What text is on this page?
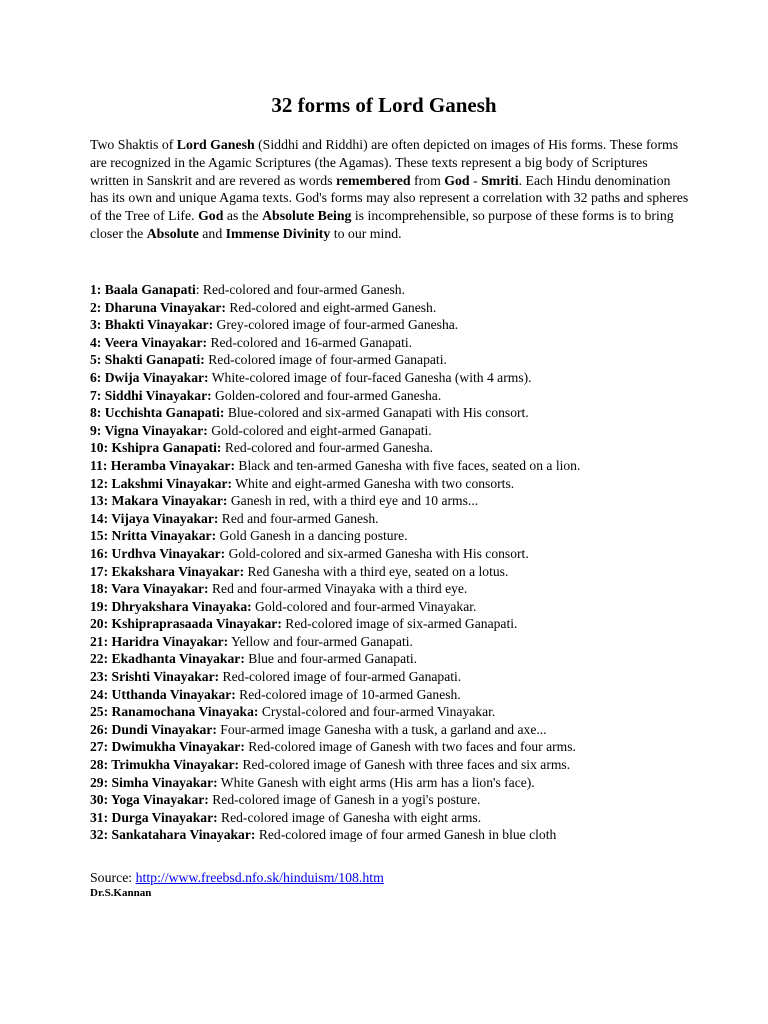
32 forms of Lord Ganesh

Two Shaktis of Lord Ganesh (Siddhi and Riddhi) are often depicted on images of His forms. These forms are recognized in the Agamic Scriptures (the Agamas). These texts represent a big body of Scriptures written in Sanskrit and are revered as words remembered from God - Smriti. Each Hindu denomination has its own and unique Agama texts. God's forms may also represent a correlation with 32 paths and spheres of the Tree of Life. God as the Absolute Being is incomprehensible, so purpose of these forms is to bring closer the Absolute and Immense Divinity to our mind.

1: Baala Ganapati: Red-colored and four-armed Ganesh.
2: Dharuna Vinayakar: Red-colored and eight-armed Ganesh.
3: Bhakti Vinayakar: Grey-colored image of four-armed Ganesha.
4: Veera Vinayakar: Red-colored and 16-armed Ganapati.
5: Shakti Ganapati: Red-colored image of four-armed Ganapati.
6: Dwija Vinayakar: White-colored image of four-faced Ganesha (with 4 arms).
7: Siddhi Vinayakar: Golden-colored and four-armed Ganesha.
8: Ucchishta Ganapati: Blue-colored and six-armed Ganapati with His consort.
9: Vigna Vinayakar: Gold-colored and eight-armed Ganapati.
10: Kshipra Ganapati: Red-colored and four-armed Ganesha.
11: Heramba Vinayakar: Black and ten-armed Ganesha with five faces, seated on a lion.
12: Lakshmi Vinayakar: White and eight-armed Ganesha with two consorts.
13: Makara Vinayakar: Ganesh in red, with a third eye and 10 arms...
14: Vijaya Vinayakar: Red and four-armed Ganesh.
15: Nritta Vinayakar: Gold Ganesh in a dancing posture.
16: Urdhva Vinayakar: Gold-colored and six-armed Ganesha with His consort.
17: Ekakshara Vinayakar: Red Ganesha with a third eye, seated on a lotus.
18: Vara Vinayakar: Red and four-armed Vinayaka with a third eye.
19: Dhryakshara Vinayaka: Gold-colored and four-armed Vinayakar.
20: Kshipraprasaada Vinayakar: Red-colored image of six-armed Ganapati.
21: Haridra Vinayakar: Yellow and four-armed Ganapati.
22: Ekadhanta Vinayakar: Blue and four-armed Ganapati.
23: Srishti Vinayakar: Red-colored image of four-armed Ganapati.
24: Utthanda Vinayakar: Red-colored image of 10-armed Ganesh.
25: Ranamochana Vinayaka: Crystal-colored and four-armed Vinayakar.
26: Dundi Vinayakar: Four-armed image Ganesha with a tusk, a garland and axe...
27: Dwimukha Vinayakar: Red-colored image of Ganesh with two faces and four arms.
28: Trimukha Vinayakar: Red-colored image of Ganesh with three faces and six arms.
29: Simha Vinayakar: White Ganesh with eight arms (His arm has a lion's face).
30: Yoga Vinayakar: Red-colored image of Ganesh in a yogi's posture.
31: Durga Vinayakar: Red-colored image of Ganesha with eight arms.
32: Sankatahara Vinayakar: Red-colored image of four armed Ganesh in blue cloth
Source: http://www.freebsd.nfo.sk/hinduism/108.htm
Dr.S.Kannan
